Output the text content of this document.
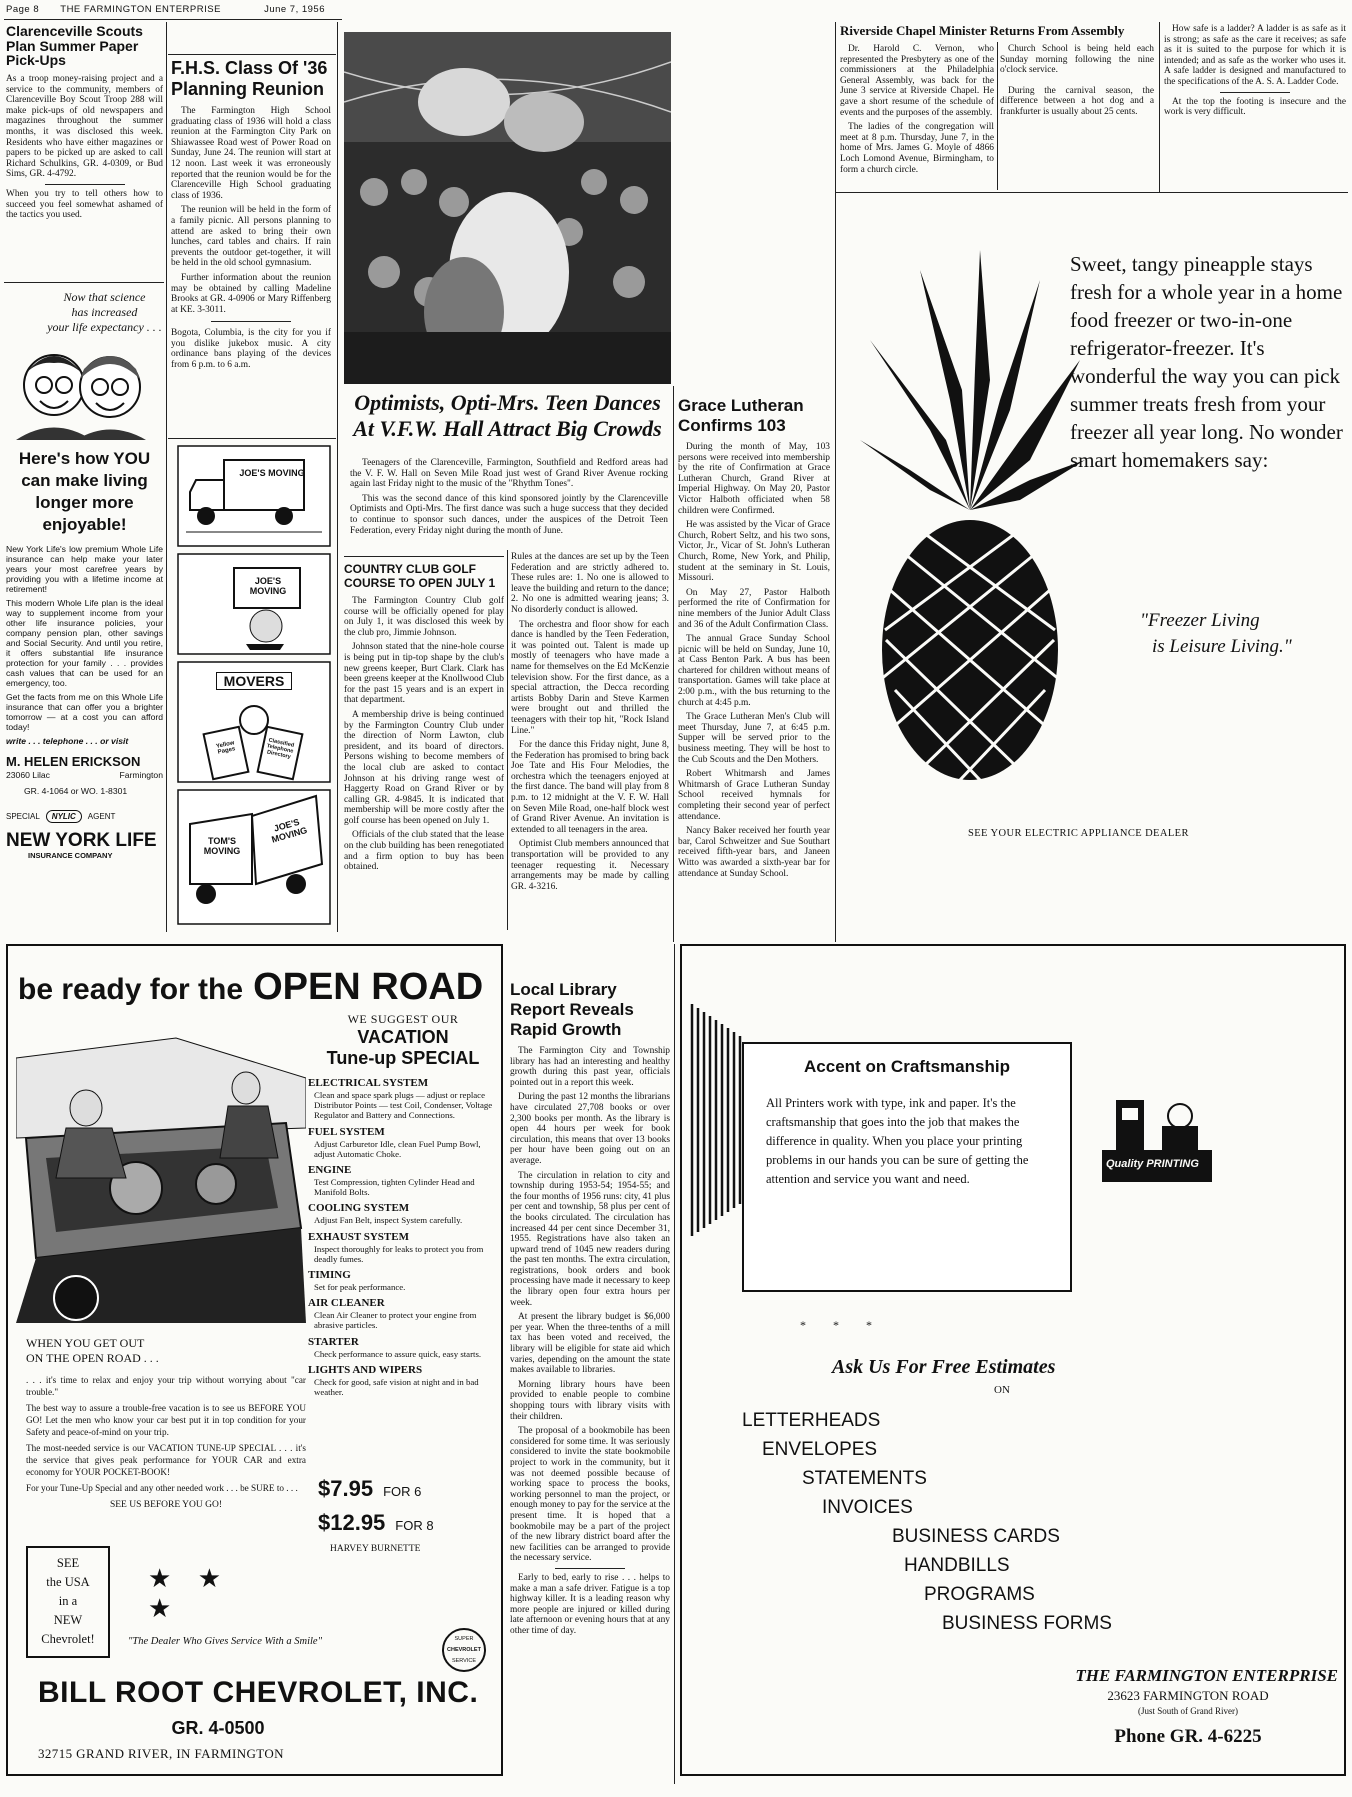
Page 8 THE FARMINGTON ENTERPRISE	June 7, 1956
Clarenceville Scouts Plan Summer Paper Pick-Ups

As a troop money-raising project and a service to the community, members of Clarenceville Boy Scout Troop 288 will make pick-ups of old newspapers and magazines throughout the summer months, it was disclosed this week. Residents who have either magazines or papers to be picked up are asked to call Richard Schulkins, GR. 4-0309, or Bud Sims, GR. 4-4792.

When you try to tell others how to succeed you feel somewhat ashamed of the tactics you used.

Now that science
has increased
your life expectancy . . .
Here's how YOU can make living longer more enjoyable!

New York Life's low premium Whole Life insurance can help make your later years your most carefree years by providing you with a lifetime income at retirement!

This modern Whole Life plan is the ideal way to supplement income from your other life insurance policies, your company pension plan, other savings and Social Security. And until you retire, it offers substantial life insurance protection for your family . . . provides cash values that can be used for an emergency, too.

Get the facts from me on this Whole Life insurance that can offer you a brighter tomorrow — at a cost you can afford today!

write . . . telephone . . . or visit

M. HELEN ERICKSON
23060 Lilac	Farmington
GR. 4-1064 or WO. 1-8301
SPECIAL	NYLIC	AGENT
NEW YORK LIFE
INSURANCE COMPANY
F.H.S. Class Of '36 Planning Reunion

The Farmington High School graduating class of 1936 will hold a class reunion at the Farmington City Park on Shiawassee Road west of Power Road on Sunday, June 24. The reunion will start at 12 noon. Last week it was erroneously reported that the reunion would be for the Clarenceville High School graduating class of 1936.

The reunion will be held in the form of a family picnic. All persons planning to attend are asked to bring their own lunches, card tables and chairs. If rain prevents the outdoor get-together, it will be held in the old school gymnasium.

Further information about the reunion may be obtained by calling Madeline Brooks at GR. 4-0906 or Mary Riffenberg at KE. 3-3011.

Bogota, Columbia, is the city for you if you dislike jukebox music. A city ordinance bans playing of the devices from 6 p.m. to 6 a.m.

JOE'S MOVING
JOE'S MOVING
MOVERS
Yellow Pages
Classified Telephone Directory
TOM'S MOVING
JOE'S MOVING
Optimists, Opti-Mrs. Teen Dances At V.F.W. Hall Attract Big Crowds

Teenagers of the Clarenceville, Farmington, Southfield and Redford areas had the V. F. W. Hall on Seven Mile Road just west of Grand River Avenue rocking again last Friday night to the music of the "Rhythm Tones".

This was the second dance of this kind sponsored jointly by the Clarenceville Optimists and Opti-Mrs. The first dance was such a huge success that they decided to continue to sponsor such dances, under the auspices of the Detroit Teen Federation, every Friday night during the month of June.

Rules at the dances are set up by the Teen Federation and are strictly adhered to. These rules are: 1. No one is allowed to leave the building and return to the dance; 2. No one is admitted wearing jeans; 3. No disorderly conduct is allowed.

The orchestra and floor show for each dance is handled by the Teen Federation, it was pointed out. Talent is made up mostly of teenagers who have made a name for themselves on the Ed McKenzie television show. For the first dance, as a special attraction, the Decca recording artists Bobby Darin and Steve Karmen were brought out and thrilled the teenagers with their top hit, "Rock Island Line."

For the dance this Friday night, June 8, the Federation has promised to bring back Joe Tate and His Four Melodies, the orchestra which the teenagers enjoyed at the first dance. The band will play from 8 p.m. to 12 midnight at the V. F. W. Hall on Seven Mile Road, one-half block west of Grand River Avenue. An invitation is extended to all teenagers in the area.

Optimist Club members announced that transportation will be provided to any teenager requesting it. Necessary arrangements may be made by calling GR. 4-3216.

COUNTRY CLUB GOLF COURSE TO OPEN JULY 1

The Farmington Country Club golf course will be officially opened for play on July 1, it was disclosed this week by the club pro, Jimmie Johnson.

Johnson stated that the nine-hole course is being put in tip-top shape by the club's new greens keeper, Burt Clark. Clark has been greens keeper at the Knollwood Club for the past 15 years and is an expert in that department.

A membership drive is being continued by the Farmington Country Club under the direction of Norm Lawton, club president, and its board of directors. Persons wishing to become members of the local club are asked to contact Johnson at his driving range west of Haggerty Road on Grand River or by calling GR. 4-9845. It is indicated that membership will be more costly after the golf course has been opened on July 1.

Officials of the club stated that the lease on the club building has been renegotiated and a firm option to buy has been obtained.

Grace Lutheran Confirms 103

During the month of May, 103 persons were received into membership by the rite of Confirmation at Grace Lutheran Church, Grand River at Imperial Highway. On May 20, Pastor Victor Halboth officiated when 58 children were Confirmed.

He was assisted by the Vicar of Grace Church, Robert Seltz, and his two sons, Victor, Jr., Vicar of St. John's Lutheran Church, Rome, New York, and Philip, student at the seminary in St. Louis, Missouri.

On May 27, Pastor Halboth performed the rite of Confirmation for nine members of the Junior Adult Class and 36 of the Adult Confirmation Class.

The annual Grace Sunday School picnic will be held on Sunday, June 10, at Cass Benton Park. A bus has been chartered for children without means of transportation. Games will take place at 2:00 p.m., with the bus returning to the church at 4:45 p.m.

The Grace Lutheran Men's Club will meet Thursday, June 7, at 6:45 p.m. Supper will be served prior to the business meeting. They will be host to the Cub Scouts and the Den Mothers.

Robert Whitmarsh and James Whitmarsh of Grace Lutheran Sunday School received hymnals for completing their second year of perfect attendance.

Nancy Baker received her fourth year bar, Carol Schweitzer and Sue Southart received fifth-year bars, and Janeen Witto was awarded a sixth-year bar for attendance at Sunday School.

Riverside Chapel Minister Returns From Assembly

Dr. Harold C. Vernon, who represented the Presbytery as one of the commissioners at the Philadelphia General Assembly, was back for the June 3 service at Riverside Chapel. He gave a short resume of the schedule of events and the purposes of the assembly.

The ladies of the congregation will meet at 8 p.m. Thursday, June 7, in the home of Mrs. James G. Moyle of 4866 Loch Lomond Avenue, Birmingham, to form a church circle.

Church School is being held each Sunday morning following the nine o'clock service.

During the carnival season, the difference between a hot dog and a frankfurter is usually about 25 cents.

How safe is a ladder? A ladder is as safe as it is strong; as safe as the care it receives; as safe as it is suited to the purpose for which it is intended; and as safe as the worker who uses it. A safe ladder is designed and manufactured to the specifications of the A. S. A. Ladder Code.

At the top the footing is insecure and the work is very difficult.

Sweet, tangy pineapple stays fresh for a whole year in a home food freezer or two-in-one refrigerator-freezer. It's wonderful the way you can pick summer treats fresh from your freezer all year long. No wonder smart homemakers say:
"Freezer Living
is Leisure Living."
SEE YOUR ELECTRIC APPLIANCE DEALER
be ready for the OPEN ROAD
WE SUGGEST OUR
VACATION
Tune-up SPECIAL
ELECTRICAL SYSTEM
Clean and space spark plugs — adjust or replace Distributor Points — test Coil, Condenser, Voltage Regulator and Battery and Connections.
FUEL SYSTEM
Adjust Carburetor Idle, clean Fuel Pump Bowl, adjust Automatic Choke.
ENGINE
Test Compression, tighten Cylinder Head and Manifold Bolts.
COOLING SYSTEM
Adjust Fan Belt, inspect System carefully.
EXHAUST SYSTEM
Inspect thoroughly for leaks to protect you from deadly fumes.
TIMING
Set for peak performance.
AIR CLEANER
Clean Air Cleaner to protect your engine from abrasive particles.
STARTER
Check performance to assure quick, easy starts.
LIGHTS AND WIPERS
Check for good, safe vision at night and in bad weather.
$7.95 FOR 6
$12.95 FOR 8
HARVEY BURNETTE
WHEN YOU GET OUT
ON THE OPEN ROAD . . .

. . . it's time to relax and enjoy your trip without worrying about "car trouble."

The best way to assure a trouble-free vacation is to see us BEFORE YOU GO! Let the men who know your car best put it in top condition for your Safety and peace-of-mind on your trip.

The most-needed service is our VACATION TUNE-UP SPECIAL . . . it's the service that gives peak performance for YOUR CAR and extra economy for YOUR POCKET-BOOK!

For your Tune-Up Special and any other needed work . . . be SURE to . . .

SEE US BEFORE YOU GO!
SEE
the USA
in a
NEW
Chevrolet!
★ ★ ★
"The Dealer Who Gives Service With a Smile"	SUPER
CHEVROLET
SERVICE
BILL ROOT CHEVROLET, INC.
GR. 4-0500
32715 GRAND RIVER, IN FARMINGTON
Local Library Report Reveals Rapid Growth

The Farmington City and Township library has had an interesting and healthy growth during this past year, officials pointed out in a report this week.

During the past 12 months the librarians have circulated 27,708 books or over 2,300 books per month. As the library is open 44 hours per week for book circulation, this means that over 13 books per hour have been going out on an average.

The circulation in relation to city and township during 1953-54; 1954-55; and the four months of 1956 runs: city, 41 plus per cent and township, 58 plus per cent of the books circulated. The circulation has increased 44 per cent since December 31, 1955. Registrations have also taken an upward trend of 1045 new readers during the past ten months. The extra circulation, registrations, book orders and book processing have made it necessary to keep the library open four extra hours per week.

At present the library budget is $6,000 per year. When the three-tenths of a mill tax has been voted and received, the library will be eligible for state aid which varies, depending on the amount the state makes available to libraries.

Morning library hours have been provided to enable people to combine shopping tours with library visits with their children.

The proposal of a bookmobile has been considered for some time. It was seriously considered to invite the state bookmobile project to work in the community, but it was not deemed possible because of working space to process the books, working personnel to man the project, or enough money to pay for the service at the present time. It is hoped that a bookmobile may be a part of the project of the new library district board after the new facilities can be arranged to provide the necessary service.

Early to bed, early to rise . . . helps to make a man a safe driver. Fatigue is a top highway killer. It is a leading reason why more people are injured or killed during late afternoon or evening hours that at any other time of day.

Accent on Craftsmanship

All Printers work with type, ink and paper. It's the craftsmanship that goes into the job that makes the difference in quality. When you place your printing problems in our hands you can be sure of getting the attention and service you want and need.

* * *
Quality PRINTING
Ask Us For Free Estimates
ON
LETTERHEADS
ENVELOPES
STATEMENTS
INVOICES
BUSINESS CARDS
HANDBILLS
PROGRAMS
BUSINESS FORMS
THE FARMINGTON ENTERPRISE
23623 FARMINGTON ROAD
(Just South of Grand River)
Phone GR. 4-6225
